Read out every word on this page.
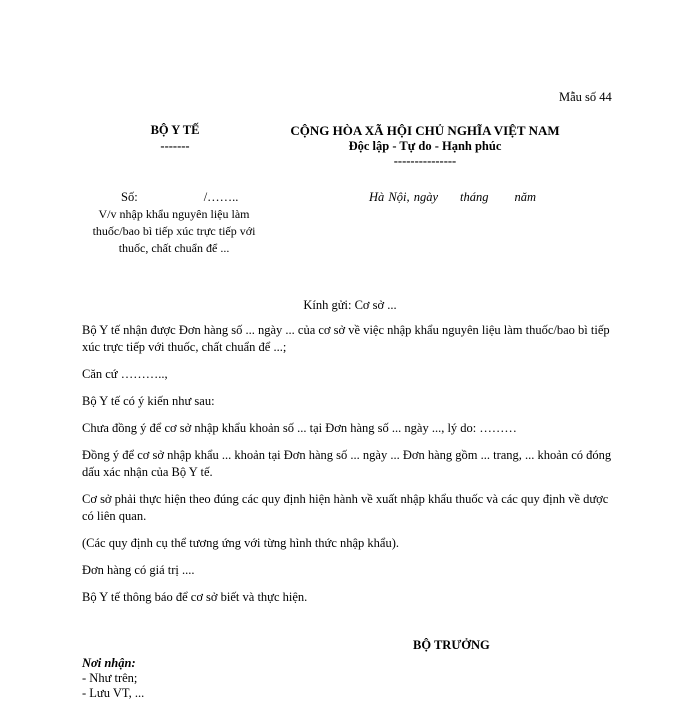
Mẫu số 44
BỘ Y TẾ
-------
CỘNG HÒA XÃ HỘI CHỦ NGHĨA VIỆT NAM
Độc lập - Tự do - Hạnh phúc
---------------
Số:	/……..
V/v nhập khẩu nguyên liệu làm thuốc/bao bì tiếp xúc trực tiếp với thuốc, chất chuẩn để ...
Hà Nội, ngày tháng năm
Kính gửi: Cơ sở ...

Bộ Y tế nhận được Đơn hàng số ... ngày ... của cơ sở về việc nhập khẩu nguyên liệu làm thuốc/bao bì tiếp xúc trực tiếp với thuốc, chất chuẩn để ...;

Căn cứ ………..,

Bộ Y tế có ý kiến như sau:

Chưa đồng ý để cơ sở nhập khẩu khoản số ... tại Đơn hàng số ... ngày ..., lý do: ………

Đồng ý để cơ sở nhập khẩu ... khoản tại Đơn hàng số ... ngày ... Đơn hàng gồm ... trang, ... khoản có đóng dấu xác nhận của Bộ Y tế.

Cơ sở phải thực hiện theo đúng các quy định hiện hành về xuất nhập khẩu thuốc và các quy định về dược có liên quan.

(Các quy định cụ thể tương ứng với từng hình thức nhập khẩu).

Đơn hàng có giá trị ....

Bộ Y tế thông báo để cơ sở biết và thực hiện.

BỘ TRƯỞNG
Nơi nhận:
- Như trên;
- Lưu VT, ...
